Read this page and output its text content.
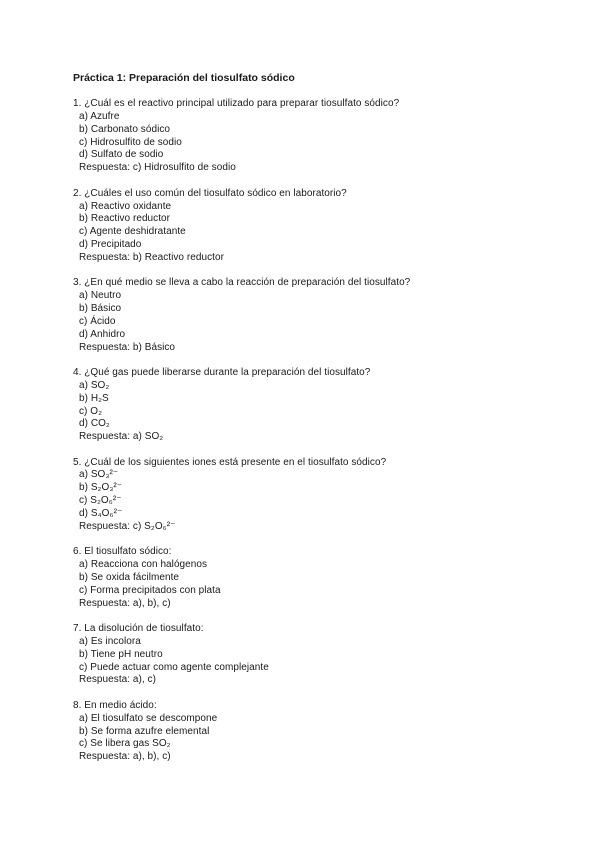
Práctica 1: Preparación del tiosulfato sódico
1. ¿Cuál es el reactivo principal utilizado para preparar tiosulfato sódico?
a) Azufre
b) Carbonato sódico
c) Hidrosulfito de sodio
d) Sulfato de sodio
Respuesta: c) Hidrosulfito de sodio
2. ¿Cuáles el uso común del tiosulfato sódico en laboratorio?
a) Reactivo oxidante
b) Reactivo reductor
c) Agente deshidratante
d) Precipitado
Respuesta: b) Reactivo reductor
3. ¿En qué medio se lleva a cabo la reacción de preparación del tiosulfato?
a) Neutro
b) Básico
c) Ácido
d) Anhidro
Respuesta: b) Básico
4. ¿Qué gas puede liberarse durante la preparación del tiosulfato?
a) SO₂
b) H₂S
c) O₂
d) CO₂
Respuesta: a) SO₂
5. ¿Cuál de los siguientes iones está presente en el tiosulfato sódico?
a) SO₃²⁻
b) S₂O₃²⁻
c) S₂O₆²⁻
d) S₄O₆²⁻
Respuesta: c) S₂O₆²⁻
6. El tiosulfato sódico:
a) Reacciona con halógenos
b) Se oxida fácilmente
c) Forma precipitados con plata
Respuesta: a), b), c)
7. La disolución de tiosulfato:
a) Es incolora
b) Tiene pH neutro
c) Puede actuar como agente complejante
Respuesta: a), c)
8. En medio ácido:
a) El tiosulfato se descompone
b) Se forma azufre elemental
c) Se libera gas SO₂
Respuesta: a), b), c)
